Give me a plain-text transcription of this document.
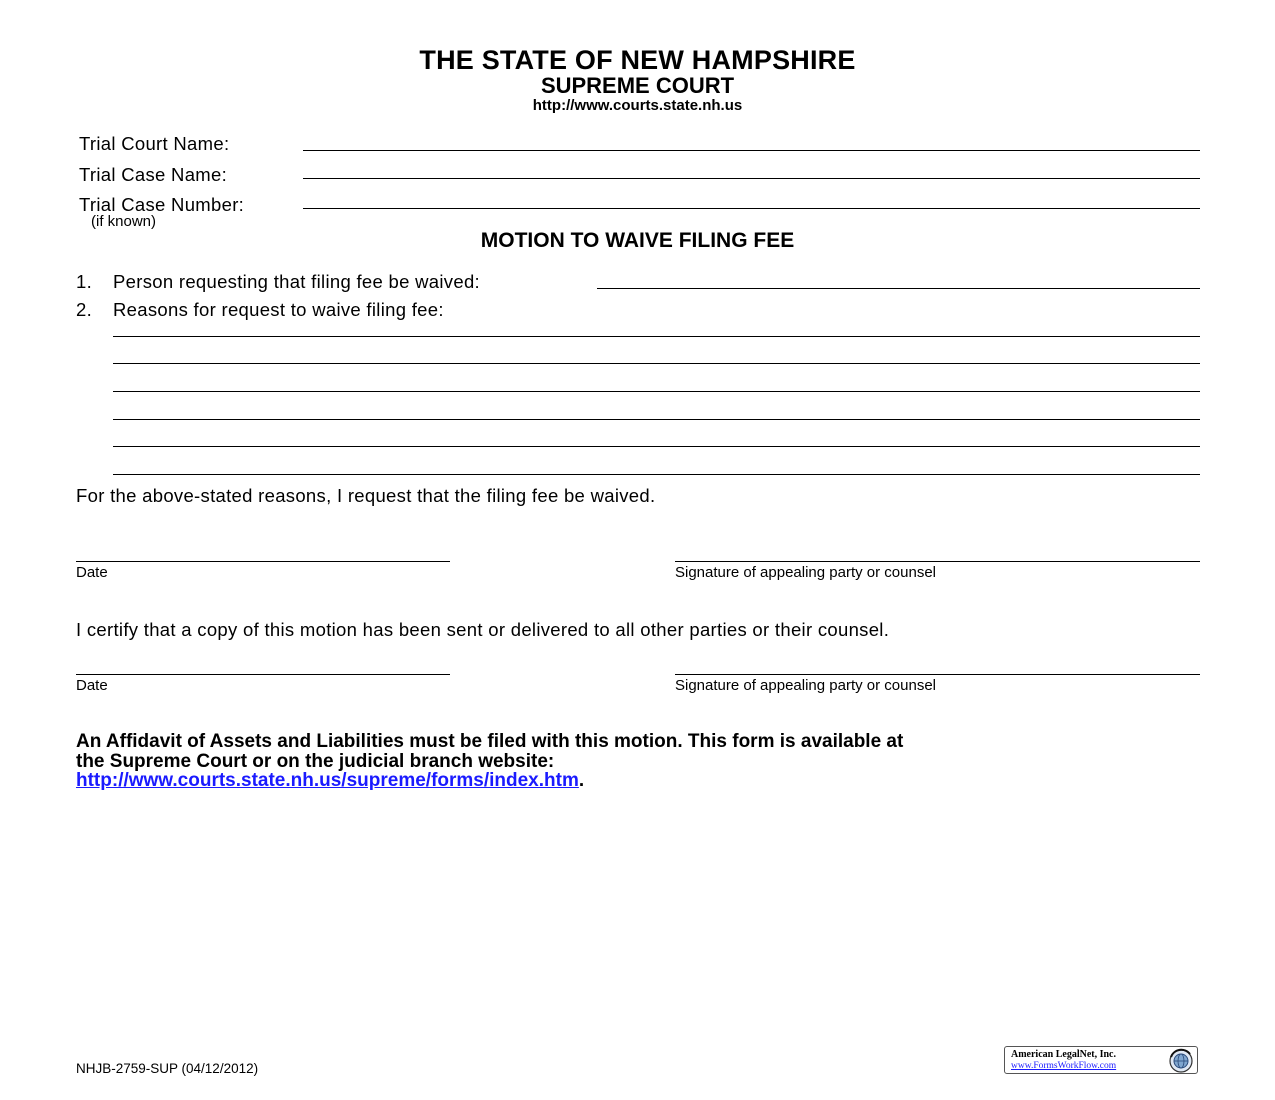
THE STATE OF NEW HAMPSHIRE
SUPREME COURT
http://www.courts.state.nh.us
Trial Court Name:
Trial Case Name:
Trial Case Number:
(if known)
MOTION TO WAIVE FILING FEE
1. Person requesting that filing fee be waived:
2. Reasons for request to waive filing fee:
For the above-stated reasons, I request that the filing fee be waived.
Date	Signature of appealing party or counsel
I certify that a copy of this motion has been sent or delivered to all other parties or their counsel.
Date	Signature of appealing party or counsel
An Affidavit of Assets and Liabilities must be filed with this motion. This form is available at
the Supreme Court or on the judicial branch website:
http://www.courts.state.nh.us/supreme/forms/index.htm.
NHJB-2759-SUP (04/12/2012)
American LegalNet, Inc.
www.FormsWorkFlow.com
